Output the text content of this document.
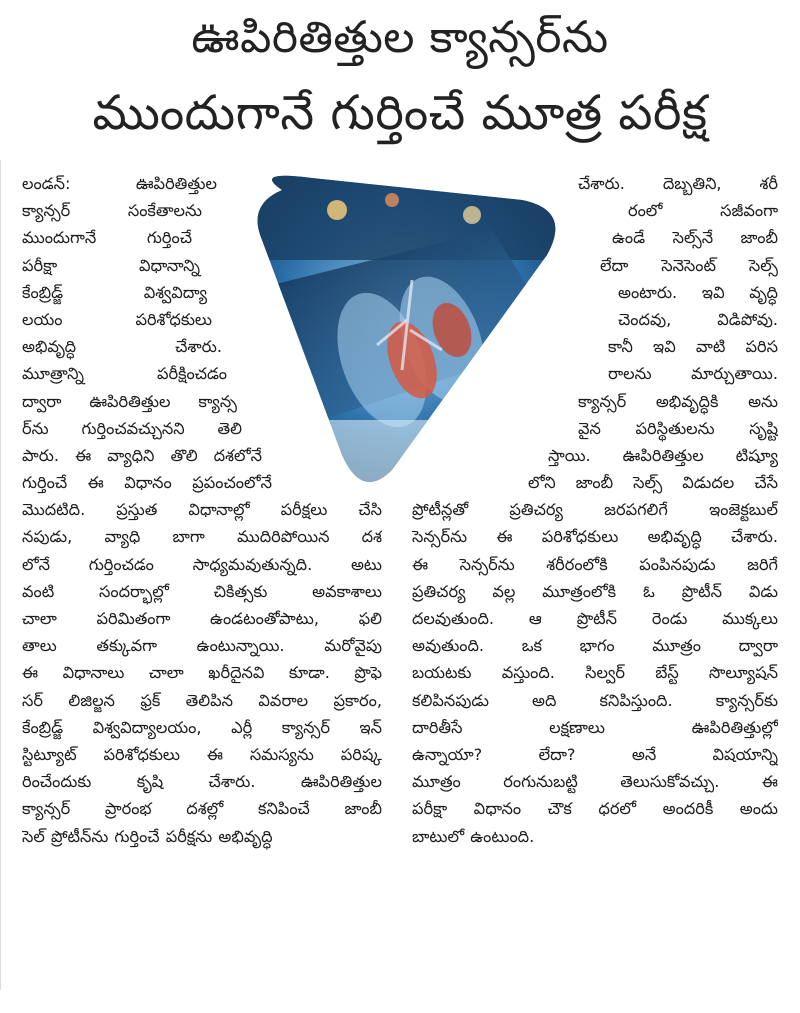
ఊపిరితిత్తుల క్యాన్సర్‌ను
ముందుగానే గుర్తించే మూత్ర పరీక్ష
లండన్‌: ఊపిరితిత్తుల
క్యాన్సర్‌ సంకేతాలను
ముందుగానే గుర్తించే
పరీక్షా విధానాన్ని
కేంబ్రిడ్జ్‌ విశ్వవిద్యా
లయం పరిశోధకులు
అభివృద్ధి చేశారు.
మూత్రాన్ని పరీక్షించడం
ద్వారా ఊపిరితిత్తుల క్యాన్స
ర్‌ను గుర్తించవచ్చునని తెలి
పారు. ఈ వ్యాధిని తొలి దశలోనే
గుర్తించే ఈ విధానం ప్రపంచంలోనే
మొదటిది. ప్రస్తుత విధానాల్లో పరీక్షలు చేసి
నపుడు, వ్యాధి బాగా ముదిరిపోయిన దశ
లోనే గుర్తించడం సాధ్యమవుతున్నది. అటు
వంటి సందర్భాల్లో చికిత్సకు అవకాశాలు
చాలా పరిమితంగా ఉండటంతోపాటు, ఫలి
తాలు తక్కువగా ఉంటున్నాయి. మరోవైపు
ఈ విధానాలు చాలా ఖరీదైనవి కూడా. ప్రొఫె
సర్‌ లిజిల్జన ఫ్రక్‌ తెలిపిన వివరాల ప్రకారం,
కేంబ్రిడ్జ్‌ విశ్వవిద్యాలయం, ఎర్లీ క్యాన్సర్‌ ఇన్‌
స్టిట్యూట్‌ పరిశోధకులు ఈ సమస్యను పరిష్క
రించేందుకు కృషి చేశారు. ఊపిరితిత్తుల
క్యాన్సర్‌ ప్రారంభ దశల్లో కనిపించే జాంబీ
సెల్‌ ప్రోటీన్‌ను గుర్తించే పరీక్షను అభివృద్ధి
చేశారు. దెబ్బతిని, శరీ
రంలో సజీవంగా
ఉండే సెల్స్‌నే జాంబీ
లేదా సెనెసెంట్‌ సెల్స్‌
అంటారు. ఇవి వృద్ధి
చెందవు, విడిపోవు.
కానీ ఇవి వాటి పరిస
రాలను మార్చుతాయి.
క్యాన్సర్‌ అభివృద్ధికి అను
వైన పరిస్థితులను సృష్టి
స్తాయి. ఊపిరితిత్తుల టిష్యూ
లోని జాంబీ సెల్స్‌ విడుదల చేసే
ప్రోటీన్లతో ప్రతిచర్య జరపగలిగే ఇంజెక్టబుల్‌
సెన్సర్‌ను ఈ పరిశోధకులు అభివృద్ధి చేశారు.
ఈ సెన్సర్‌ను శరీరంలోకి పంపినపుడు జరిగే
ప్రతిచర్య వల్ల మూత్రంలోకి ఓ ప్రొటీన్‌ విడు
దలవుతుంది. ఆ ప్రొటీన్‌ రెండు ముక్కలు
అవుతుంది. ఒక భాగం మూత్రం ద్వారా
బయటకు వస్తుంది. సిల్వర్‌ బేస్ట్‌ సొల్యూషన్‌
కలిపినపుడు అది కనిపిస్తుంది. క్యాన్సర్‌కు
దారితీసే లక్షణాలు ఊపిరితిత్తుల్లో
ఉన్నాయా? లేదా? అనే విషయాన్ని
మూత్రం రంగునుబట్టి తెలుసుకోవచ్చు. ఈ
పరీక్షా విధానం చౌక ధరలో అందరికీ అందు
బాటులో ఉంటుంది.
